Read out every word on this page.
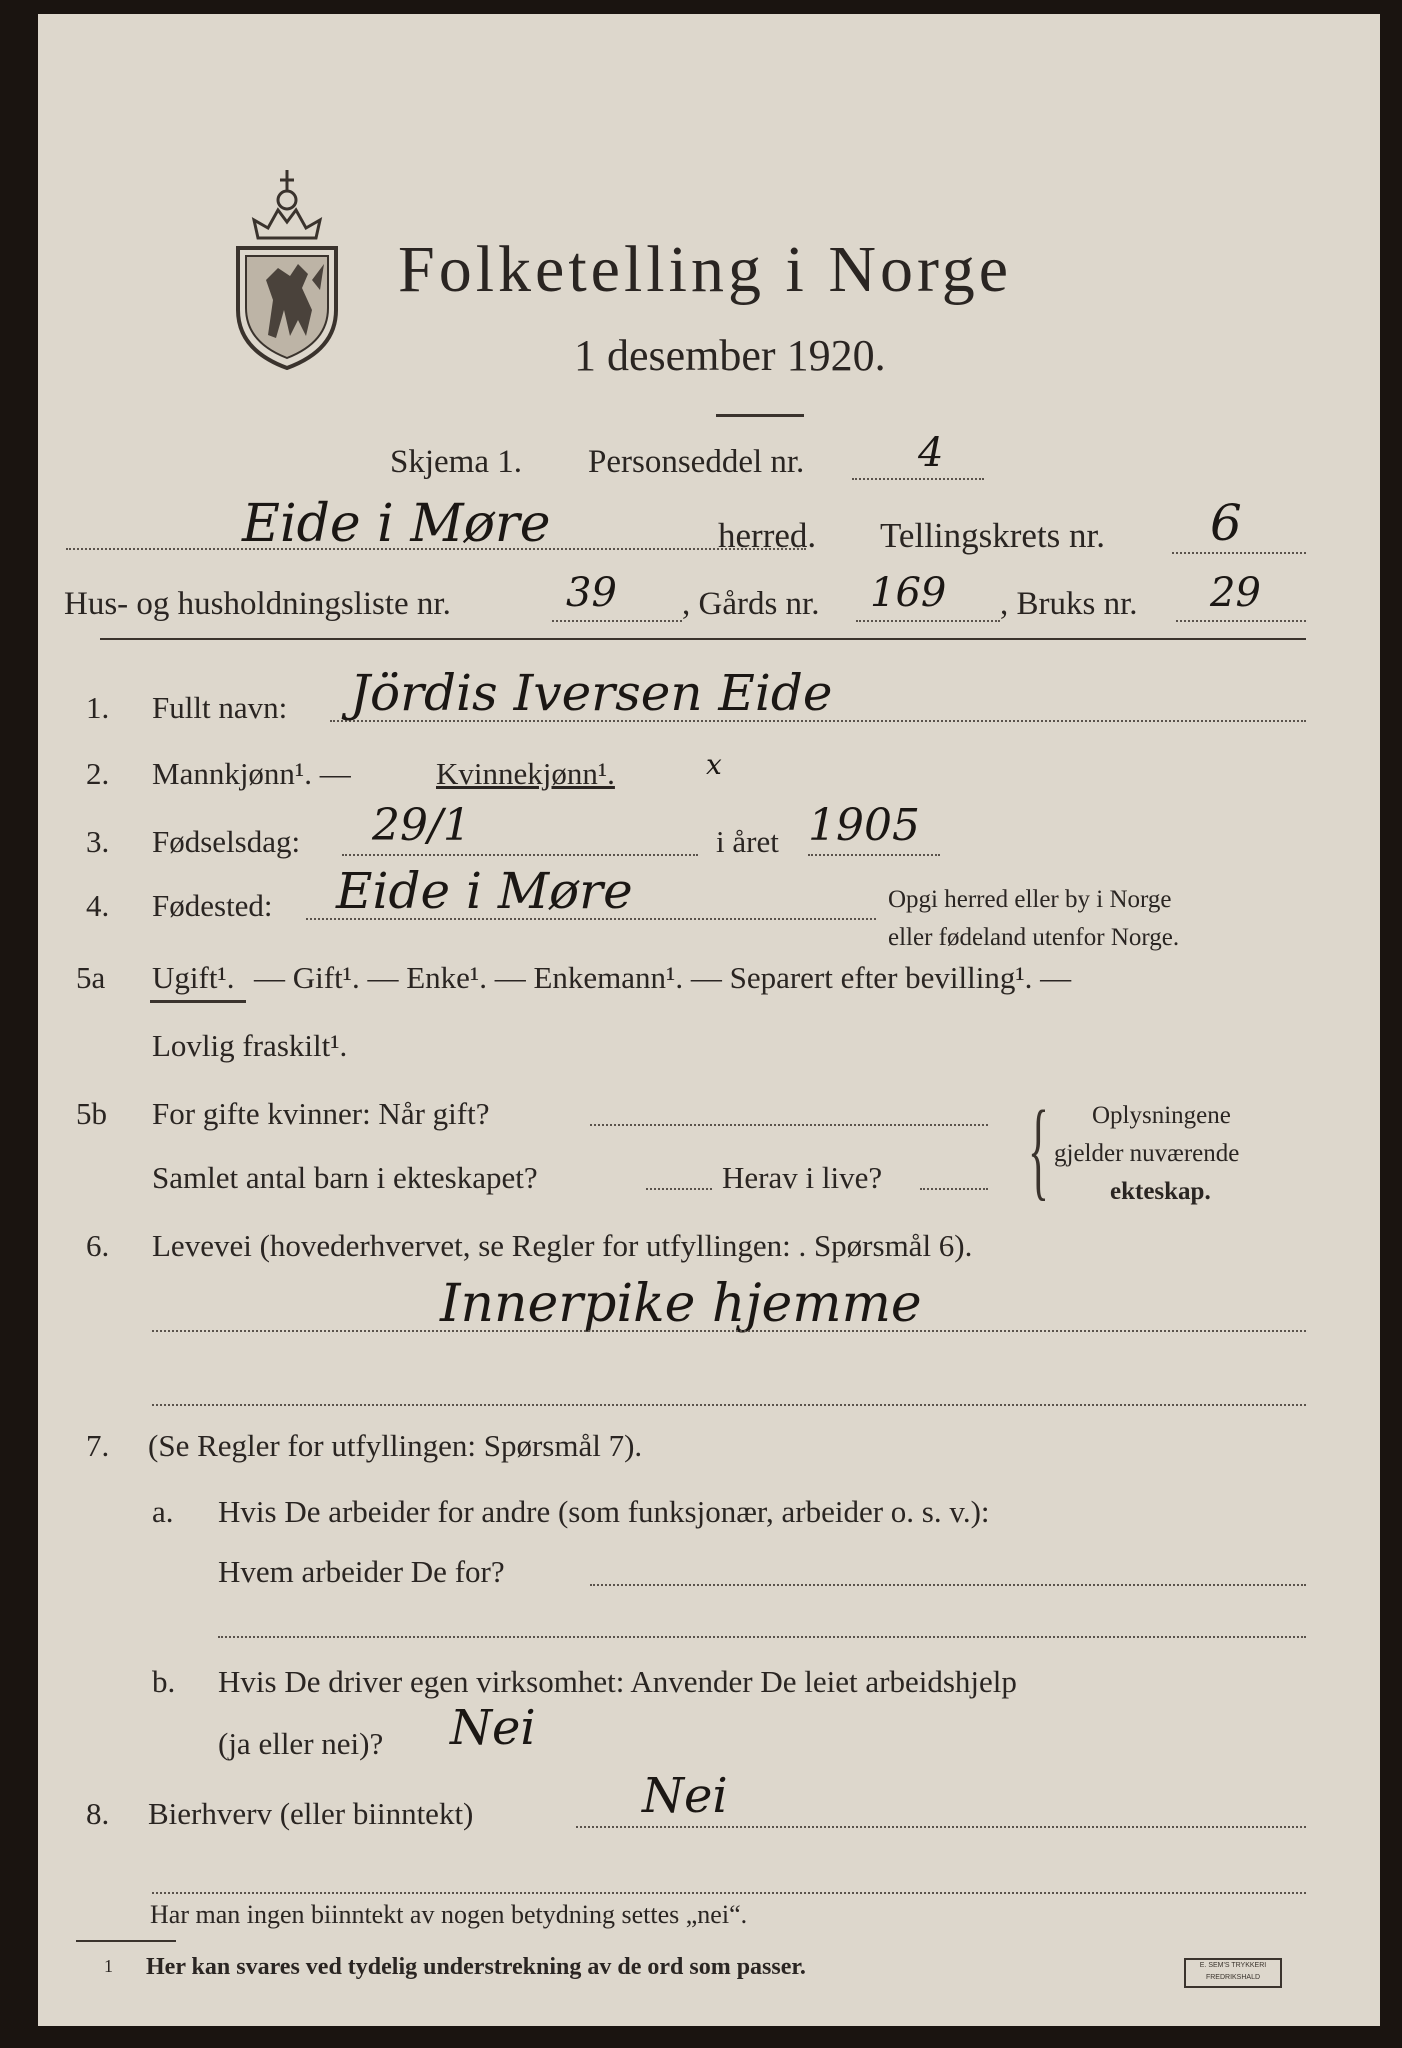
Folketelling i Norge
1 desember 1920.
Skjema 1. Personseddel nr.	4
Eide i Møre	herred. Tellingskrets nr. 6
Hus- og husholdningsliste nr.	39 , Gårds nr. 169 , Bruks nr. 29
1. Fullt navn: Jördis Iversen Eide
2. Mannkjønn¹. —	Kvinnekjønn¹.	x
3. Fødselsdag: 29/1	i året 1905
4. Fødested: Eide i Møre	Opgi herred eller by i Norge
eller fødeland utenfor Norge.
5a Ugift¹. — Gift¹. — Enke¹. — Enkemann¹. — Separert efter bevilling¹. —
Lovlig fraskilt¹.
5b For gifte kvinner: Når gift?
Samlet antal barn i ekteskapet?	Herav i live? { Oplysningene
gjelder nuværende
ekteskap.
6. Levevei (hovederhvervet, se Regler for utfyllingen: . Spørsmål 6).
Innerpike hjemme
7. (Se Regler for utfyllingen: Spørsmål 7).
a. Hvis De arbeider for andre (som funksjonær, arbeider o. s. v.):
Hvem arbeider De for?
b. Hvis De driver egen virksomhet: Anvender De leiet arbeidshjelp
(ja eller nei)? Nei
8. Bierhverv (eller biinntekt)	Nei
Har man ingen biinntekt av nogen betydning settes „nei“.
1 Her kan svares ved tydelig understrekning av de ord som passer.	E. SEM'S TRYKKERI
FREDRIKSHALD
